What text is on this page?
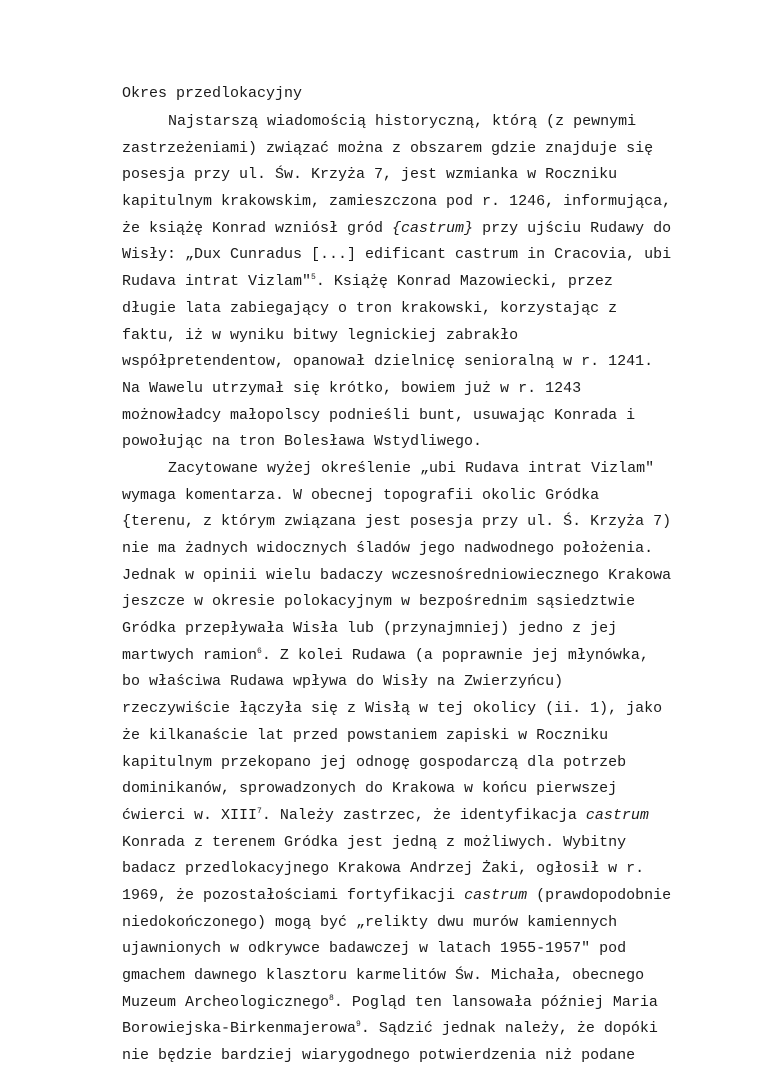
Okres przedlokacyjny
Najstarszą wiadomością historyczną, którą (z pewnymi
zastrzeżeniami) związać można z obszarem gdzie znajduje się
posesja przy ul. Św. Krzyża 7, jest wzmianka w Roczniku
kapitulnym krakowskim, zamieszczona pod r. 1246, informująca,
że książę Konrad wzniósł gród {castrum} przy ujściu Rudawy do
Wisły: „Dux Cunradus [...] edificant castrum in Cracovia, ubi
Rudava intrat Vizlam"$^5$. Książę Konrad Mazowiecki, przez
długie lata zabiegający o tron krakowski, korzystając z
faktu, iż w wyniku bitwy legnickiej zabrakło
współpretendentow, opanował dzielnicę senioralną w r. 1241.
Na Wawelu utrzymał się krótko, bowiem już w r. 1243
możnowładcy małopolscy podnieśli bunt, usuwając Konrada i
powołując na tron Bolesława Wstydliwego.
Zacytowane wyżej określenie „ubi Rudava intrat Vizlam"
wymaga komentarza. W obecnej topografii okolic Gródka
{terenu, z którym związana jest posesja przy ul. Ś. Krzyża 7)
nie ma żadnych widocznych śladów jego nadwodnego położenia.
Jednak w opinii wielu badaczy wczesnośredniowiecznego Krakowa
jeszcze w okresie polokacyjnym w bezpośrednim sąsiedztwie
Gródka przepływała Wisła lub (przynajmniej) jedno z jej
martwych ramion$^6$. Z kolei Rudawa (a poprawnie jej młynówka,
bo właściwa Rudawa wpływa do Wisły na Zwierzyńcu)
rzeczywiście łączyła się z Wisłą w tej okolicy (ii. 1), jako
że kilkanaście lat przed powstaniem zapiski w Roczniku
kapitulnym przekopano jej odnogę gospodarczą dla potrzeb
dominikanów, sprowadzonych do Krakowa w końcu pierwszej
ćwierci w. XIII$^7$. Należy zastrzec, że identyfikacja castrum
Konrada z terenem Gródka jest jedną z możliwych. Wybitny
badacz przedlokacyjnego Krakowa Andrzej Żaki, ogłosił w r.
1969, że pozostałościami fortyfikacji castrum (prawdopodobnie
niedokończonego) mogą być „relikty dwu murów kamiennych
ujawnionych w odkrywce badawczej w latach 1955-1957" pod
gmachem dawnego klasztoru karmelitów Św. Michała, obecnego
Muzeum Archeologicznego$^8$. Pogląd ten lansowała później Maria
Borowiejska-Birkenmajerowa$^9$. Sądzić jednak należy, że dopóki
nie będzie bardziej wiarygodnego potwierdzenia niż podane
